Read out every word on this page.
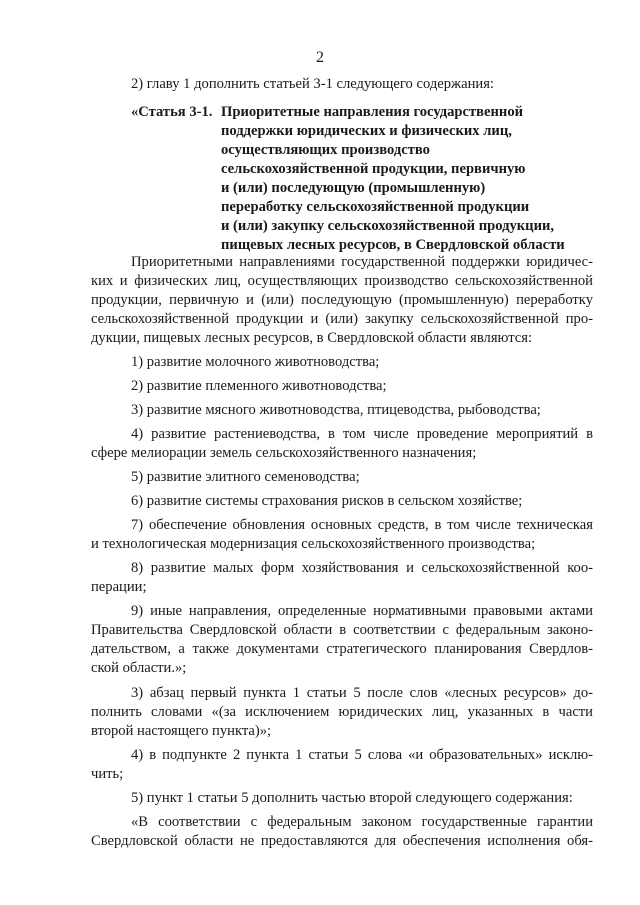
2
2) главу 1 дополнить статьей 3-1 следующего содержания:
«Статья 3-1. Приоритетные направления государственной
поддержки юридических и физических лиц,
осуществляющих производство
сельскохозяйственной продукции, первичную
и (или) последующую (промышленную)
переработку сельскохозяйственной продукции
и (или) закупку сельскохозяйственной продукции,
пищевых лесных ресурсов, в Свердловской области
Приоритетными направлениями государственной поддержки юридичес-
ких и физических лиц, осуществляющих производство сельскохозяйственной
продукции, первичную и (или) последующую (промышленную) переработку
сельскохозяйственной продукции и (или) закупку сельскохозяйственной про-
дукции, пищевых лесных ресурсов, в Свердловской области являются:
1) развитие молочного животноводства;
2) развитие племенного животноводства;
3) развитие мясного животноводства, птицеводства, рыбоводства;
4) развитие растениеводства, в том числе проведение мероприятий в
сфере мелиорации земель сельскохозяйственного назначения;
5) развитие элитного семеноводства;
6) развитие системы страхования рисков в сельском хозяйстве;
7) обеспечение обновления основных средств, в том числе техническая
и технологическая модернизация сельскохозяйственного производства;
8) развитие малых форм хозяйствования и сельскохозяйственной коо-
перации;
9) иные направления, определенные нормативными правовыми актами
Правительства Свердловской области в соответствии с федеральным законо-
дательством, а также документами стратегического планирования Свердлов-
ской области.»;
3) абзац первый пункта 1 статьи 5 после слов «лесных ресурсов» до-
полнить словами «(за исключением юридических лиц, указанных в части
второй настоящего пункта)»;
4) в подпункте 2 пункта 1 статьи 5 слова «и образовательных» исклю-
чить;
5) пункт 1 статьи 5 дополнить частью второй следующего содержания:
«В соответствии с федеральным законом государственные гарантии
Свердловской области не предоставляются для обеспечения исполнения обя-
